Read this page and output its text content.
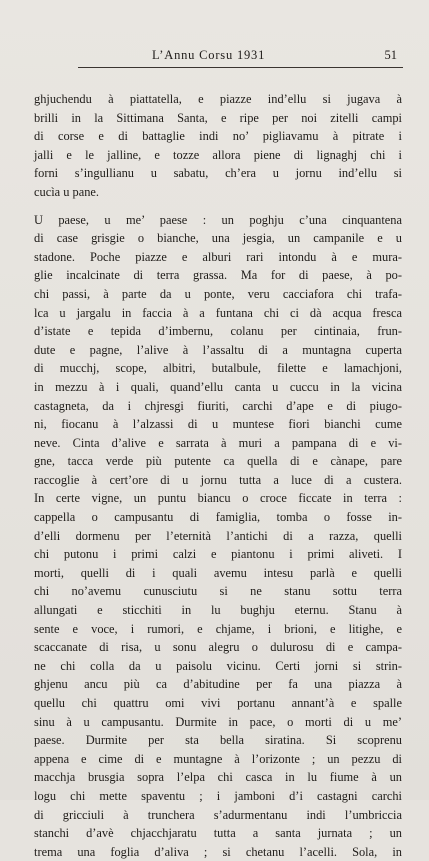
L’Annu Corsu 1931	51
ghjuchendu à piattatella, e piazze ind’ellu si jugava à
brilli in la Sittimana Santa, e ripe per noi zitelli campi
di corse e di battaglie indi no’ pigliavamu à pitrate i
jalli e le jalline, e tozze allora piene di lignaghj chi i
forni s’ingullianu u sabatu, ch’era u jornu ind’ellu si
cucìa u pane.
U paese, u me’ paese : un poghju c’una cinquantena
di case grisgie o bianche, una jesgia, un campanile e u
stadone. Poche piazze e alburi rari intondu à e mura-
glie incalcinate di terra grassa. Ma for di paese, à po-
chi passi, à parte da u ponte, veru cacciafora chi trafa-
lca u jargalu in faccia à a funtana chi ci dà acqua fresca
d’istate e tepida d’imbernu, colanu per cintinaia, frun-
dute e pagne, l’alive à l’assaltu di a muntagna cuperta
di mucchj, scope, albitri, butalbule, filette e lamachjoni,
in mezzu à i quali, quand’ellu canta u cuccu in la vicina
castagneta, da i chjresgi fiuriti, carchi d’ape e di piugo-
ni, fiocanu à l’alzassi di u muntese fiori bianchi cume
neve. Cinta d’alive e sarrata à muri a pampana di e vi-
gne, tacca verde più putente ca quella di e cànape, pare
raccoglie à cert’ore di u jornu tutta a luce di a custera.
In certe vigne, un puntu biancu o croce ficcate in terra :
cappella o campusantu di famiglia, tomba o fosse in-
d’elli dormenu per l’eternità l’antichi di a razza, quelli
chi putonu i primi calzi e piantonu i primi aliveti. I
morti, quelli di i quali avemu intesu parlà e quelli
chi no’avemu cunusciutu si ne stanu sottu terra
allungati e sticchiti in lu bughju eternu. Stanu à
sente e voce, i rumori, e chjame, i brioni, e litighe, e
scaccanate di risa, u sonu alegru o dulurosu di e campa-
ne chi colla da u paisolu vicinu. Certi jorni si strin-
ghjenu ancu più ca d’abitudine per fa una piazza à
quellu chi quattru omi vivi portanu annant’à e spalle
sinu à u campusantu. Durmite in pace, o morti di u me’
paese. Durmite per sta bella siratina. Si scoprenu
appena e cime di e muntagne à l’orizonte ; un pezzu di
macchja brusgia sopra l’elpa chi casca in lu fiume à un
logu chi mette spaventu ; i jamboni d’i castagni carchi
di gricciuli à trunchera s’adurmentanu indi l’umbriccia
stanchi d’avè chjacchjaratu tutta a santa jurnata ; un
trema una foglia d’aliva ; si chetanu l’acelli. Sola, in
